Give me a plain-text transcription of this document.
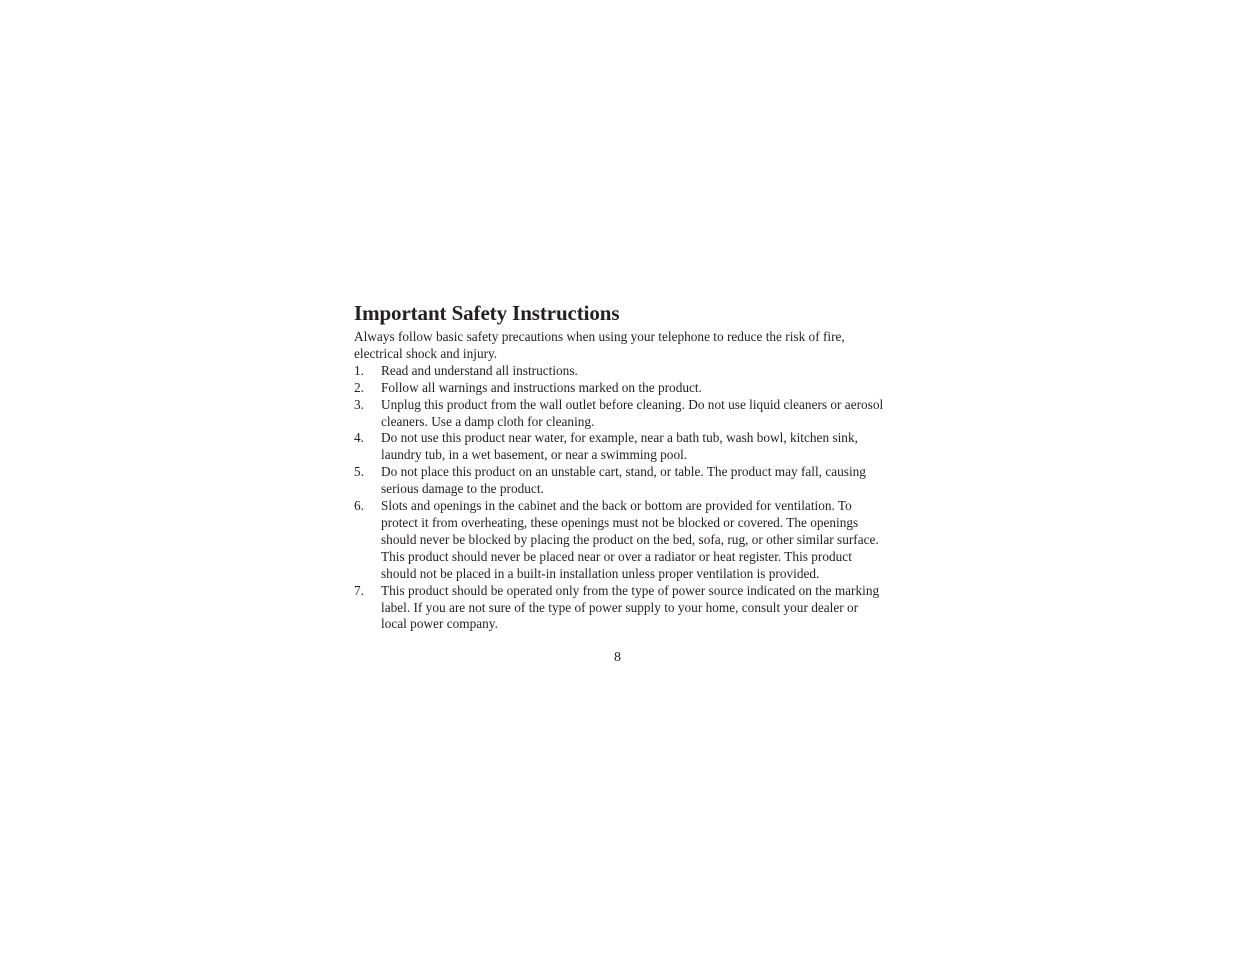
Important Safety Instructions

Always follow basic safety precautions when using your telephone to reduce the risk of fire, electrical shock and injury.

1. Read and understand all instructions.
2. Follow all warnings and instructions marked on the product.
3. Unplug this product from the wall outlet before cleaning. Do not use liquid cleaners or aerosol cleaners. Use a damp cloth for cleaning.
4. Do not use this product near water, for example, near a bath tub, wash bowl, kitchen sink, laundry tub, in a wet basement, or near a swimming pool.
5. Do not place this product on an unstable cart, stand, or table. The product may fall, causing serious damage to the product.
6. Slots and openings in the cabinet and the back or bottom are provided for ventilation. To protect it from overheating, these openings must not be blocked or covered. The openings should never be blocked by placing the product on the bed, sofa, rug, or other similar surface. This product should never be placed near or over a radiator or heat register. This product should not be placed in a built-in installation unless proper ventilation is provided.
7. This product should be operated only from the type of power source indicated on the marking label. If you are not sure of the type of power supply to your home, consult your dealer or local power company.
8
